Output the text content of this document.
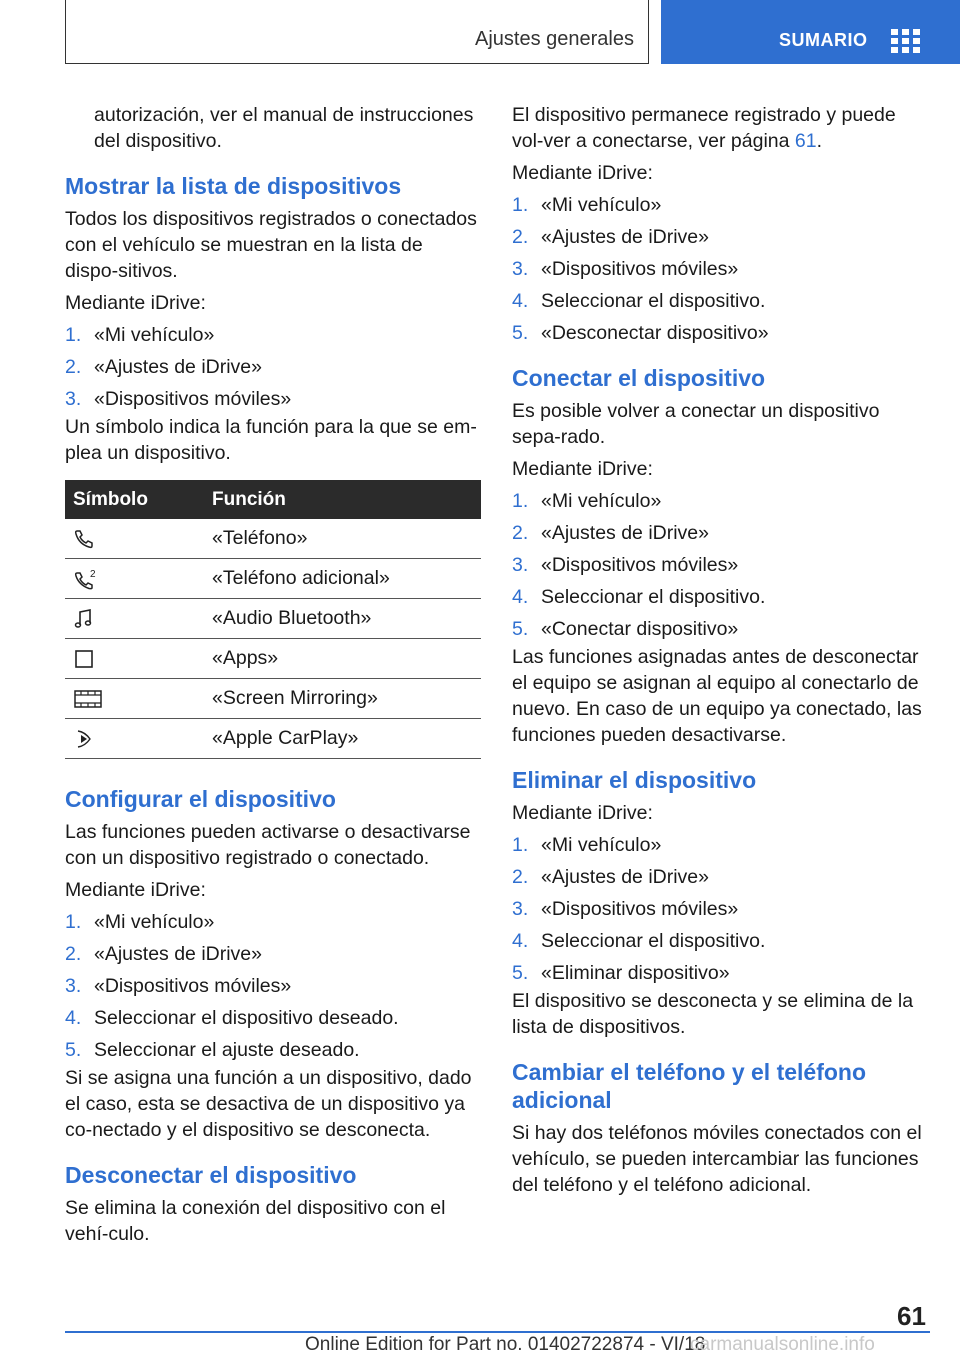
Ajustes generales	SUMARIO

autorización, ver el manual de instrucciones del dispositivo.

Mostrar la lista de dispositivos

Todos los dispositivos registrados o conectados con el vehículo se muestran en la lista de dispo-sitivos.

Mediante iDrive:

1. «Mi vehículo»
2. «Ajustes de iDrive»
3. «Dispositivos móviles»

Un símbolo indica la función para la que se em-plea un dispositivo.

Símbolo	Función
	«Teléfono»

2	«Teléfono adicional»
	«Audio Bluetooth»
	«Apps»
	«Screen Mirroring»
	«Apple CarPlay»
Configurar el dispositivo

Las funciones pueden activarse o desactivarse con un dispositivo registrado o conectado.

Mediante iDrive:

1. «Mi vehículo»
2. «Ajustes de iDrive»
3. «Dispositivos móviles»
4. Seleccionar el dispositivo deseado.
5. Seleccionar el ajuste deseado.

Si se asigna una función a un dispositivo, dado el caso, esta se desactiva de un dispositivo ya co-nectado y el dispositivo se desconecta.

Desconectar el dispositivo

Se elimina la conexión del dispositivo con el vehí-culo.

El dispositivo permanece registrado y puede vol-ver a conectarse, ver página 61.

Mediante iDrive:

1. «Mi vehículo»
2. «Ajustes de iDrive»
3. «Dispositivos móviles»
4. Seleccionar el dispositivo.
5. «Desconectar dispositivo»
Conectar el dispositivo

Es posible volver a conectar un dispositivo sepa-rado.

Mediante iDrive:

1. «Mi vehículo»
2. «Ajustes de iDrive»
3. «Dispositivos móviles»
4. Seleccionar el dispositivo.
5. «Conectar dispositivo»

Las funciones asignadas antes de desconectar el equipo se asignan al equipo al conectarlo de nuevo. En caso de un equipo ya conectado, las funciones pueden desactivarse.

Eliminar el dispositivo

Mediante iDrive:

1. «Mi vehículo»
2. «Ajustes de iDrive»
3. «Dispositivos móviles»
4. Seleccionar el dispositivo.
5. «Eliminar dispositivo»

El dispositivo se desconecta y se elimina de la lista de dispositivos.

Cambiar el teléfono y el teléfono adicional

Si hay dos teléfonos móviles conectados con el vehículo, se pueden intercambiar las funciones del teléfono y el teléfono adicional.

61
Online Edition for Part no. 01402722874 - VI/18
carmanualsonline.info
